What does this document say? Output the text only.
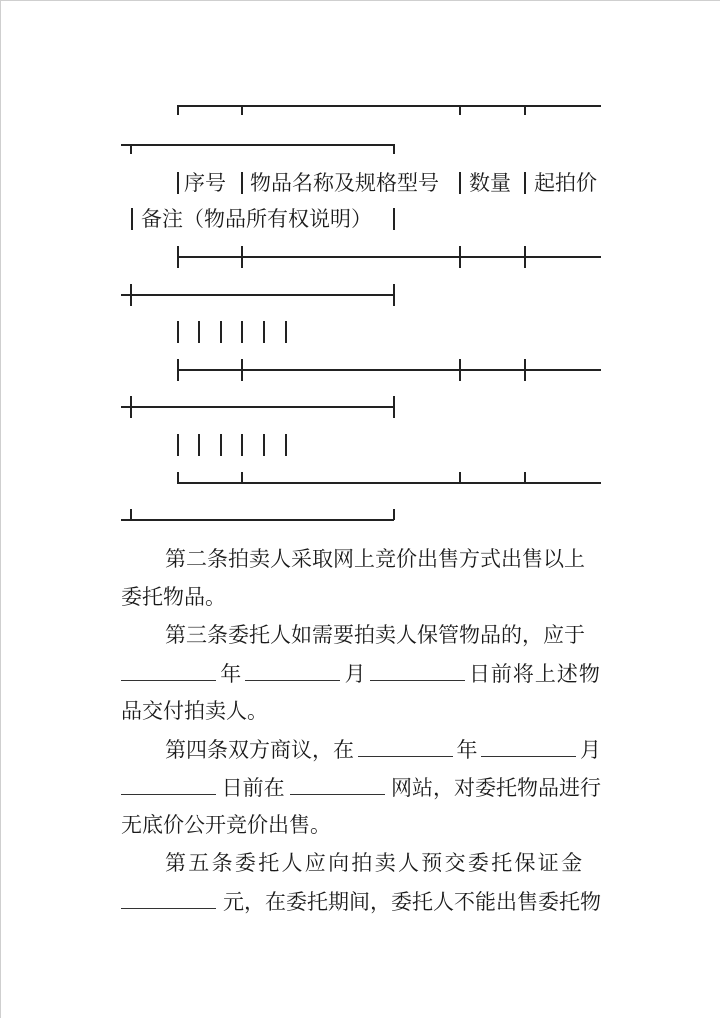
序号 物品名称及规格型号 数量 起拍价
备注（物品所有权说明）
第二条拍卖人采取网上竞价出售方式出售以上
委托物品。
第三条委托人如需要拍卖人保管物品的，应于
年	月	日前将上述物
品交付拍卖人。
第四条双方商议，在	年	月
日前在	网站，对委托物品进行
无底价公开竞价出售。
第五条委托人应向拍卖人预交委托保证金
元，在委托期间，委托人不能出售委托物
